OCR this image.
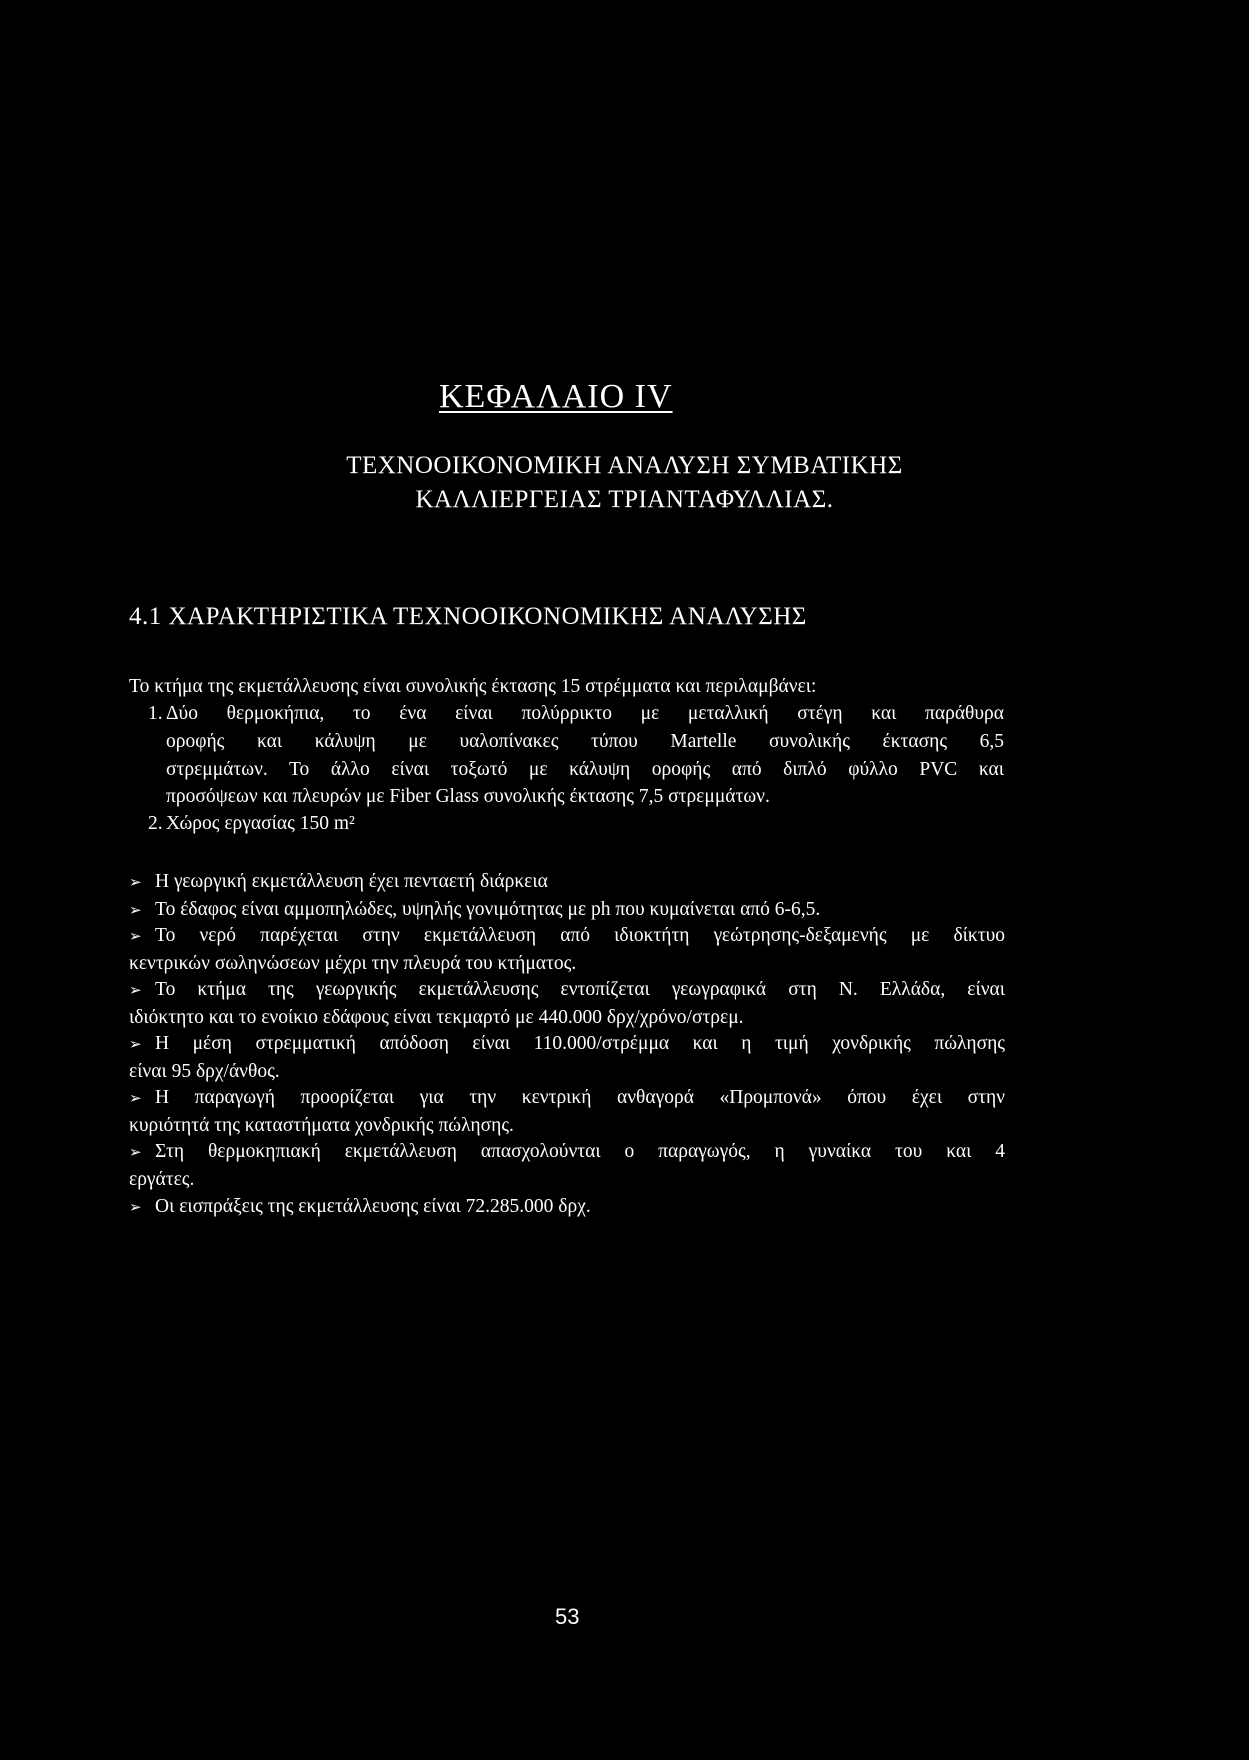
ΚΕΦΑΛΑΙΟ IV
ΤΕΧΝΟΟΙΚΟΝΟΜΙΚΗ ΑΝΑΛΥΣΗ ΣΥΜΒΑΤΙΚΗΣ
ΚΑΛΛΙΕΡΓΕΙΑΣ ΤΡΙΑΝΤΑΦΥΛΛΙΑΣ.
4.1 ΧΑΡΑΚΤΗΡΙΣΤΙΚΑ ΤΕΧΝΟΟΙΚΟΝΟΜΙΚΗΣ ΑΝΑΛΥΣΗΣ
Το κτήμα της εκμετάλλευσης είναι συνολικής έκτασης 15 στρέμματα και περιλαμβάνει:
1. Δύο θερμοκήπια, το ένα είναι πολύρρικτο με μεταλλική στέγη και παράθυρα
οροφής και κάλυψη με υαλοπίνακες τύπου Martelle συνολικής έκτασης 6,5
στρεμμάτων. Το άλλο είναι τοξωτό με κάλυψη οροφής από διπλό φύλλο PVC και
προσόψεων και πλευρών με Fiber Glass συνολικής έκτασης 7,5 στρεμμάτων.
2. Χώρος εργασίας 150 m²
➢ Η γεωργική εκμετάλλευση έχει πενταετή διάρκεια
➢ Το έδαφος είναι αμμοπηλώδες, υψηλής γονιμότητας με ph που κυμαίνεται από 6-6,5.
➢ Το νερό παρέχεται στην εκμετάλλευση από ιδιοκτήτη γεώτρησης-δεξαμενής με δίκτυο
κεντρικών σωληνώσεων μέχρι την πλευρά του κτήματος.
➢ Το κτήμα της γεωργικής εκμετάλλευσης εντοπίζεται γεωγραφικά στη Ν. Ελλάδα, είναι
ιδιόκτητο και το ενοίκιο εδάφους είναι τεκμαρτό με 440.000 δρχ/χρόνο/στρεμ.
➢ Η μέση στρεμματική απόδοση είναι 110.000/στρέμμα και η τιμή χονδρικής πώλησης
είναι 95 δρχ/άνθος.
➢ Η παραγωγή προορίζεται για την κεντρική ανθαγορά «Προμπονά» όπου έχει στην
κυριότητά της καταστήματα χονδρικής πώλησης.
➢ Στη θερμοκηπιακή εκμετάλλευση απασχολούνται ο παραγωγός, η γυναίκα του και 4
εργάτες.
➢ Οι εισπράξεις της εκμετάλλευσης είναι 72.285.000 δρχ.
53
